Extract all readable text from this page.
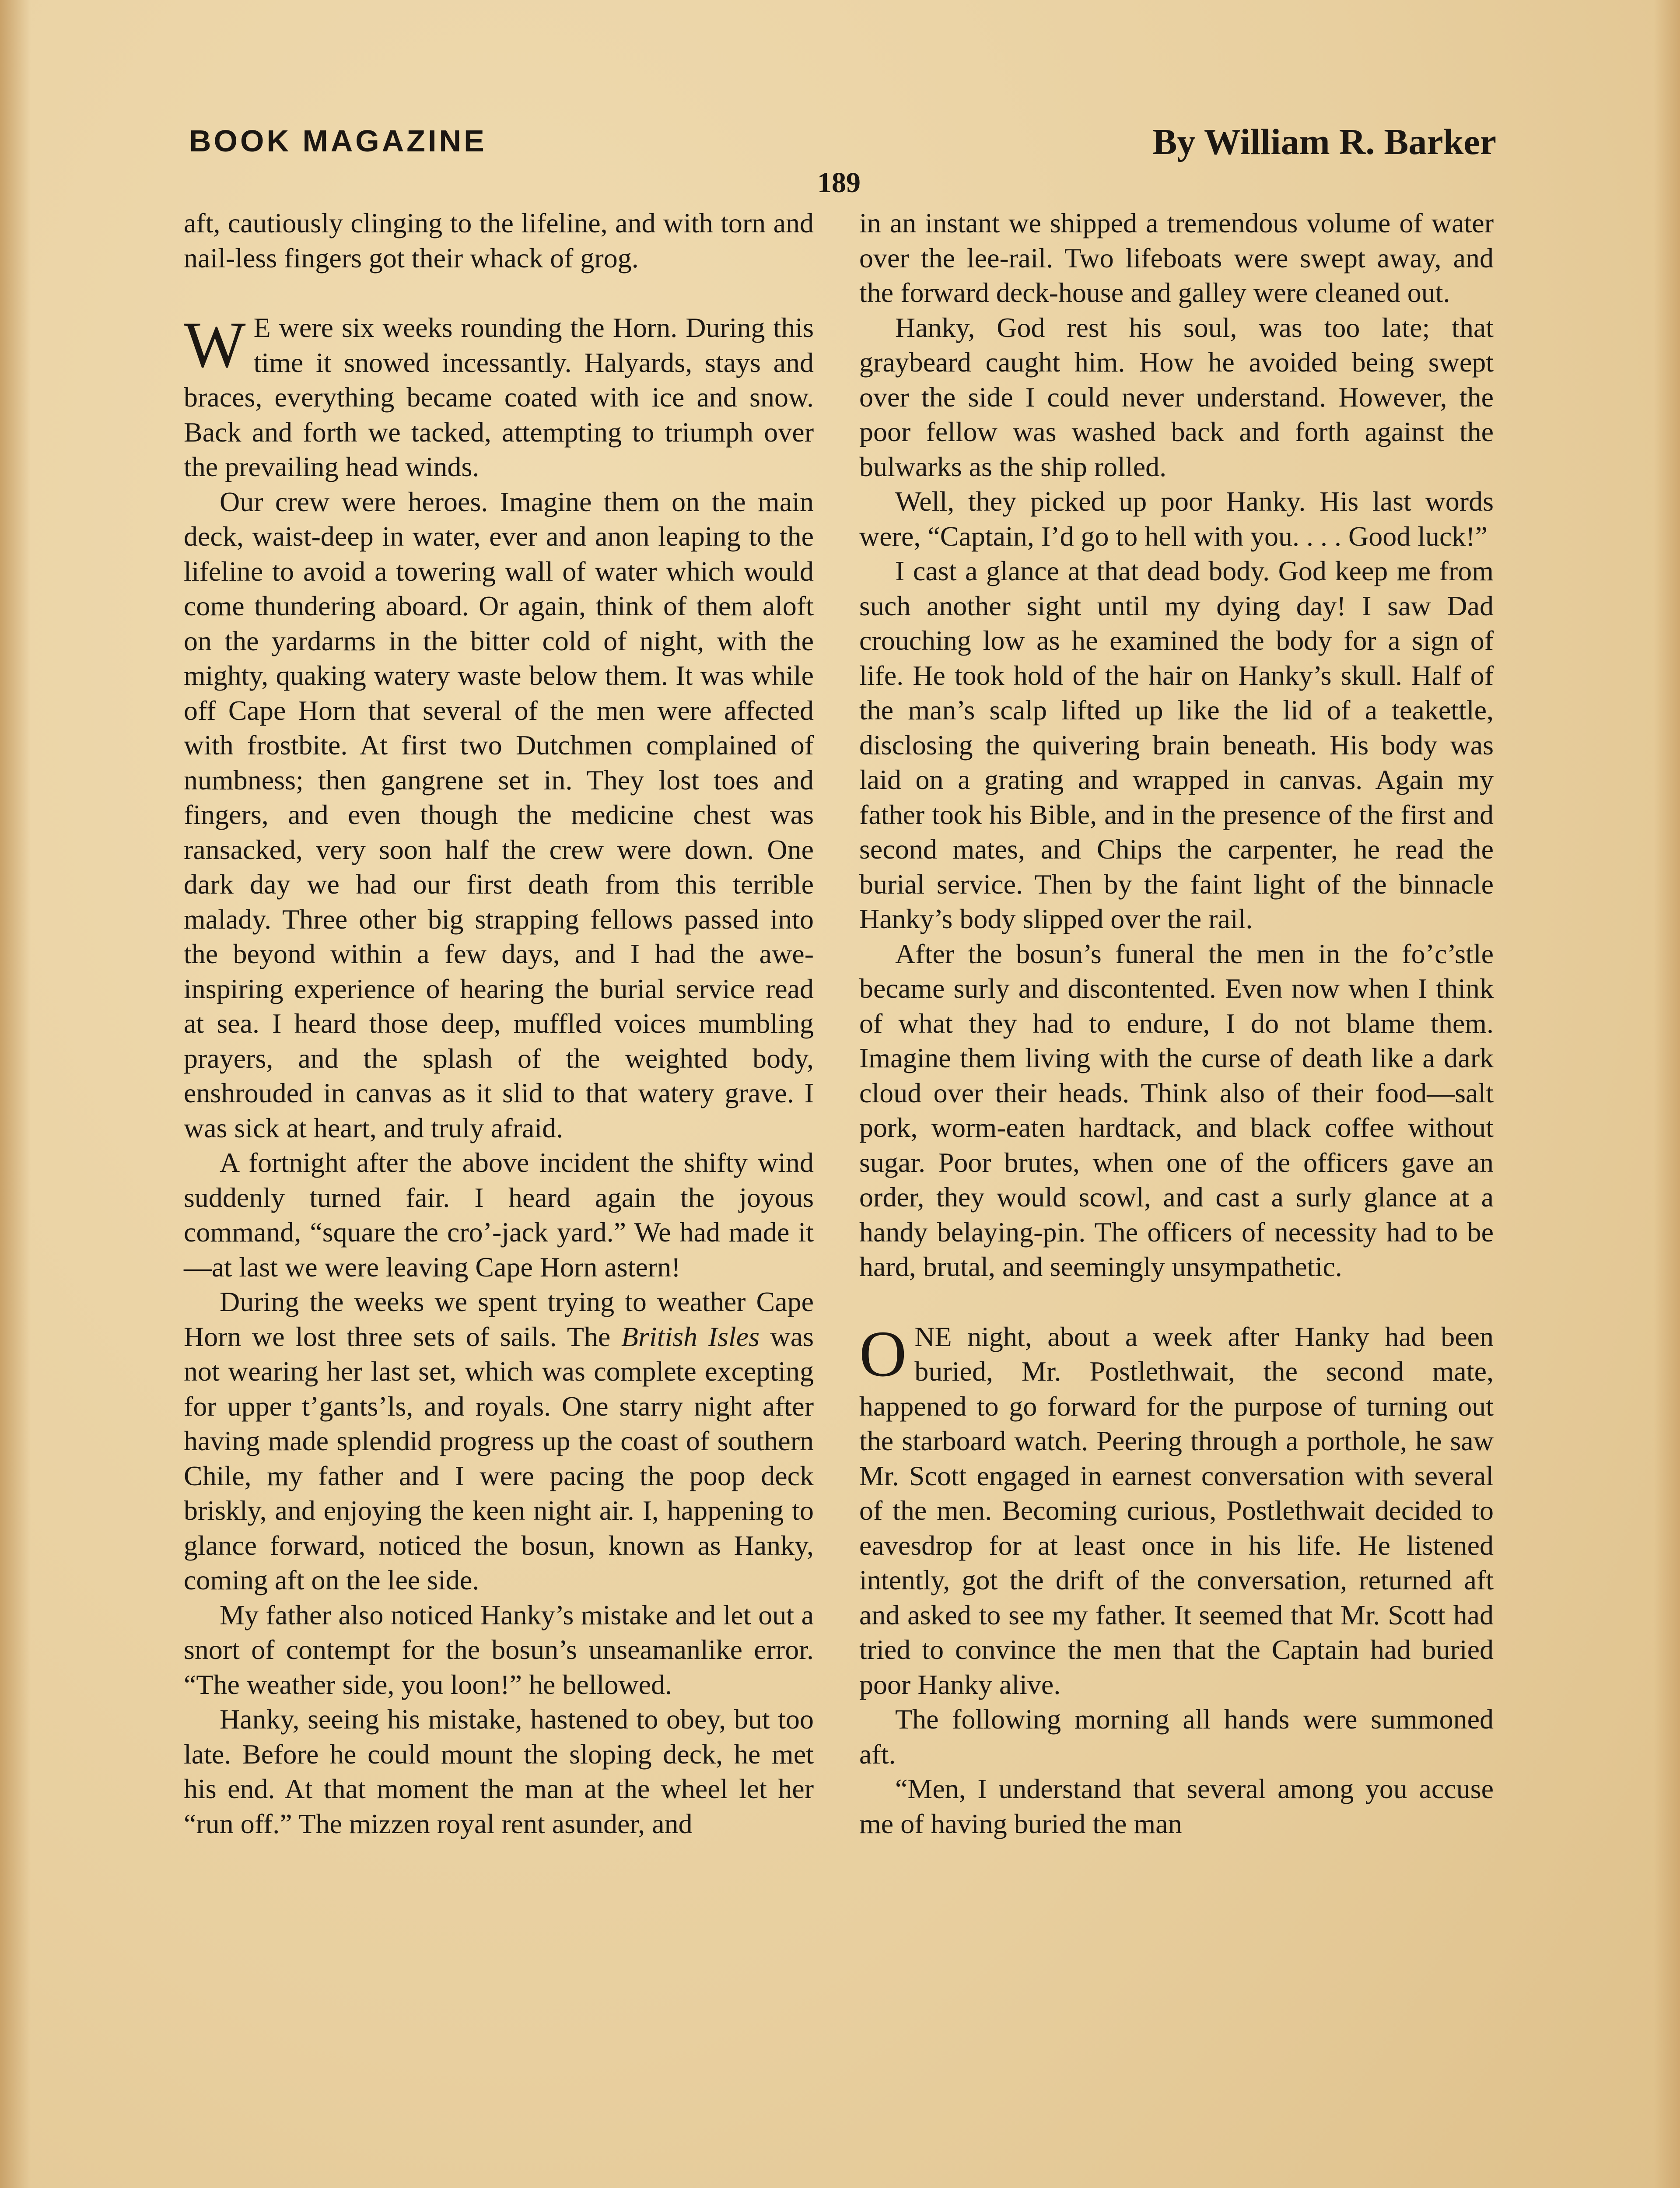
BOOK MAGAZINE	By William R. Barker
189

aft, cautiously clinging to the lifeline, and with torn and nail-less fingers got their whack of grog.

W E were six weeks rounding the Horn. During this time it snowed incessantly. Halyards, stays and braces, everything became coated with ice and snow. Back and forth we tacked, attempting to triumph over the prevailing head winds.

Our crew were heroes. Imagine them on the main deck, waist-deep in water, ever and anon leaping to the lifeline to avoid a towering wall of water which would come thundering aboard. Or again, think of them aloft on the yardarms in the bitter cold of night, with the mighty, quaking watery waste below them. It was while off Cape Horn that several of the men were affected with frostbite. At first two Dutchmen complained of numbness; then gangrene set in. They lost toes and fingers, and even though the medicine chest was ransacked, very soon half the crew were down. One dark day we had our first death from this terrible malady. Three other big strapping fellows passed into the beyond within a few days, and I had the awe-inspiring experience of hearing the burial service read at sea. I heard those deep, muffled voices mumbling prayers, and the splash of the weighted body, enshrouded in canvas as it slid to that watery grave. I was sick at heart, and truly afraid.

A fortnight after the above incident the shifty wind suddenly turned fair. I heard again the joyous command, “square the cro’-jack yard.” We had made it—at last we were leaving Cape Horn astern!

During the weeks we spent trying to weather Cape Horn we lost three sets of sails. The British Isles was not wearing her last set, which was complete excepting for upper t’gants’ls, and royals. One starry night after having made splendid progress up the coast of southern Chile, my father and I were pacing the poop deck briskly, and enjoying the keen night air. I, happening to glance forward, noticed the bosun, known as Hanky, coming aft on the lee side.

My father also noticed Hanky’s mistake and let out a snort of contempt for the bosun’s unseamanlike error. “The weather side, you loon!” he bellowed.

Hanky, seeing his mistake, hastened to obey, but too late. Before he could mount the sloping deck, he met his end. At that moment the man at the wheel let her “run off.” The mizzen royal rent asunder, and

in an instant we shipped a tremendous volume of water over the lee-rail. Two lifeboats were swept away, and the forward deck-house and galley were cleaned out.

Hanky, God rest his soul, was too late; that graybeard caught him. How he avoided being swept over the side I could never understand. However, the poor fellow was washed back and forth against the bulwarks as the ship rolled.

Well, they picked up poor Hanky. His last words were, “Captain, I’d go to hell with you. . . . Good luck!”

I cast a glance at that dead body. God keep me from such another sight until my dying day! I saw Dad crouching low as he examined the body for a sign of life. He took hold of the hair on Hanky’s skull. Half of the man’s scalp lifted up like the lid of a teakettle, disclosing the quivering brain beneath. His body was laid on a grating and wrapped in canvas. Again my father took his Bible, and in the presence of the first and second mates, and Chips the carpenter, he read the burial service. Then by the faint light of the binnacle Hanky’s body slipped over the rail.

After the bosun’s funeral the men in the fo’c’stle became surly and discontented. Even now when I think of what they had to endure, I do not blame them. Imagine them living with the curse of death like a dark cloud over their heads. Think also of their food—salt pork, worm-eaten hardtack, and black coffee without sugar. Poor brutes, when one of the officers gave an order, they would scowl, and cast a surly glance at a handy belaying-pin. The officers of necessity had to be hard, brutal, and seemingly unsympathetic.

ONE night, about a week after Hanky had been buried, Mr. Postlethwait, the second mate, happened to go forward for the purpose of turning out the starboard watch. Peering through a porthole, he saw Mr. Scott engaged in earnest conversation with several of the men. Becoming curious, Postlethwait decided to eavesdrop for at least once in his life. He listened intently, got the drift of the conversation, returned aft and asked to see my father. It seemed that Mr. Scott had tried to convince the men that the Captain had buried poor Hanky alive.

The following morning all hands were summoned aft.

“Men, I understand that several among you accuse me of having buried the man
